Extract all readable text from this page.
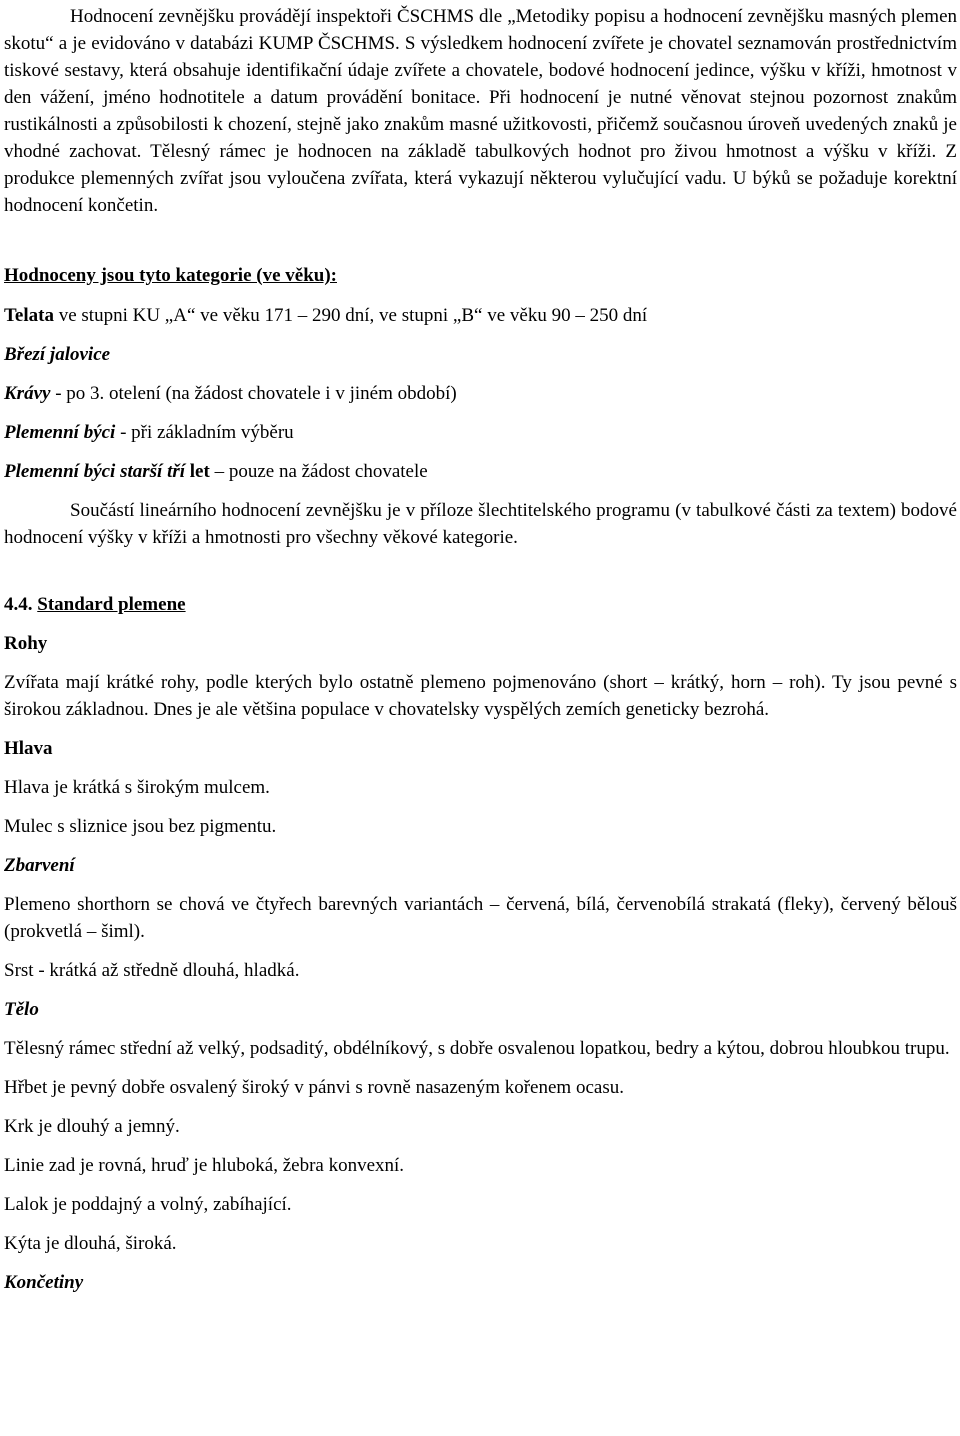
Hodnocení zevnějšku provádějí inspektoři ČSCHMS dle „Metodiky popisu a hodnocení zevnějšku masných plemen skotu“ a je evidováno v databázi KUMP ČSCHMS. S výsledkem hodnocení zvířete je chovatel seznamován prostřednictvím tiskové sestavy, která obsahuje identifikační údaje zvířete a chovatele, bodové hodnocení jedince, výšku v kříži, hmotnost v den vážení, jméno hodnotitele a datum provádění bonitace. Při hodnocení je nutné věnovat stejnou pozornost znakům rustikálnosti a způsobilosti k chození, stejně jako znakům masné užitkovosti, přičemž současnou úroveň uvedených znaků je vhodné zachovat. Tělesný rámec je hodnocen na základě tabulkových hodnot pro živou hmotnost a výšku v kříži. Z produkce plemenných zvířat jsou vyloučena zvířata, která vykazují některou vylučující vadu. U býků se požaduje korektní hodnocení končetin.

Hodnoceny jsou tyto kategorie (ve věku):

Telata ve stupni KU „A“ ve věku 171 – 290 dní, ve stupni „B“ ve věku 90 – 250 dní

Březí jalovice

Krávy - po 3. otelení (na žádost chovatele i v jiném období)

Plemenní býci - při základním výběru

Plemenní býci starší tří let – pouze na žádost chovatele

Součástí lineárního hodnocení zevnějšku je v příloze šlechtitelského programu (v tabulkové části za textem) bodové hodnocení výšky v kříži a hmotnosti pro všechny věkové kategorie.

4.4. Standard plemene

Rohy

Zvířata mají krátké rohy, podle kterých bylo ostatně plemeno pojmenováno (short – krátký, horn – roh). Ty jsou pevné s širokou základnou. Dnes je ale většina populace v chovatelsky vyspělých zemích geneticky bezrohá.

Hlava

Hlava je krátká s širokým mulcem.

Mulec s sliznice jsou bez pigmentu.

Zbarvení

Plemeno shorthorn se chová ve čtyřech barevných variantách – červená, bílá, červenobílá strakatá (fleky), červený bělouš (prokvetlá – šiml).

Srst - krátká až středně dlouhá, hladká.

Tělo

Tělesný rámec střední až velký, podsaditý, obdélníkový, s dobře osvalenou lopatkou, bedry a kýtou, dobrou hloubkou trupu.

Hřbet je pevný dobře osvalený široký v pánvi s rovně nasazeným kořenem ocasu.

Krk je dlouhý a jemný.

Linie zad je rovná, hruď je hluboká, žebra konvexní.

Lalok je poddajný a volný, zabíhající.

Kýta je dlouhá, široká.

Končetiny
